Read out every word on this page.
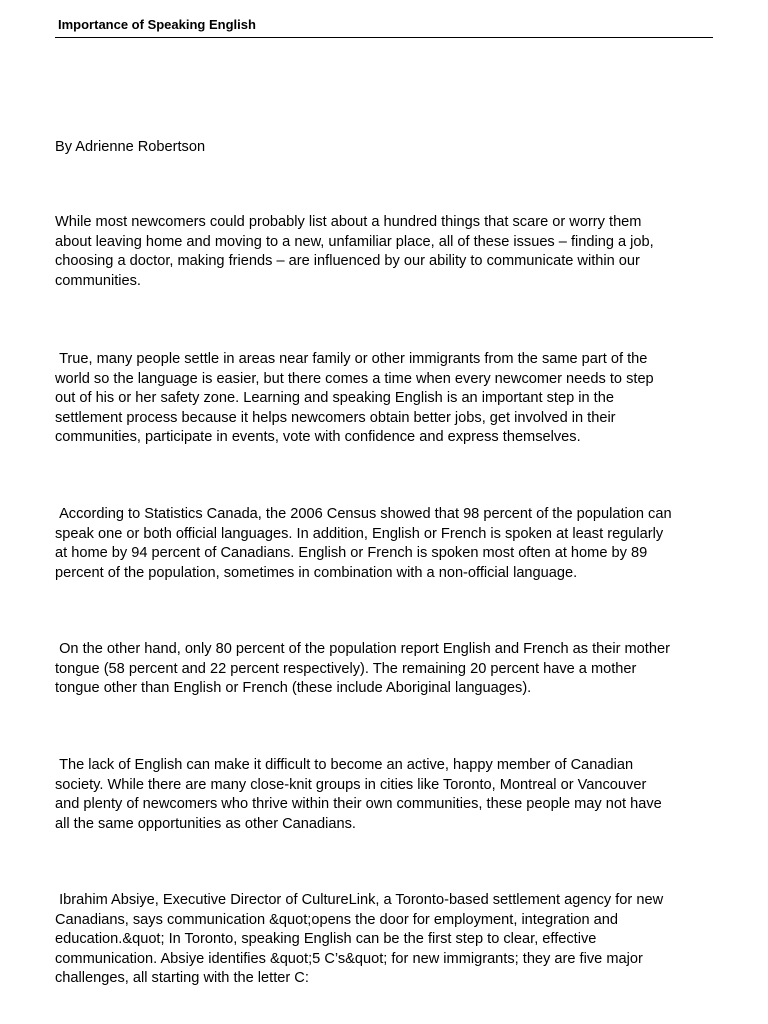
Importance of Speaking English

By Adrienne Robertson

While most newcomers could probably list about a hundred things that scare or worry them
about leaving home and moving to a new, unfamiliar place, all of these issues – finding a job,
choosing a doctor, making friends – are influenced by our ability to communicate within our
communities.

True, many people settle in areas near family or other immigrants from the same part of the
world so the language is easier, but there comes a time when every newcomer needs to step
out of his or her safety zone. Learning and speaking English is an important step in the
settlement process because it helps newcomers obtain better jobs, get involved in their
communities, participate in events, vote with confidence and express themselves.

According to Statistics Canada, the 2006 Census showed that 98 percent of the population can
speak one or both official languages. In addition, English or French is spoken at least regularly
at home by 94 percent of Canadians. English or French is spoken most often at home by 89
percent of the population, sometimes in combination with a non-official language.

On the other hand, only 80 percent of the population report English and French as their mother
tongue (58 percent and 22 percent respectively). The remaining 20 percent have a mother
tongue other than English or French (these include Aboriginal languages).

The lack of English can make it difficult to become an active, happy member of Canadian
society. While there are many close-knit groups in cities like Toronto, Montreal or Vancouver
and plenty of newcomers who thrive within their own communities, these people may not have
all the same opportunities as other Canadians.

Ibrahim Absiye, Executive Director of CultureLink, a Toronto-based settlement agency for new
Canadians, says communication &quot;opens the door for employment, integration and
education.&quot; In Toronto, speaking English can be the first step to clear, effective
communication. Absiye identifies &quot;5 C’s&quot; for new immigrants; they are five major
challenges, all starting with the letter C:
